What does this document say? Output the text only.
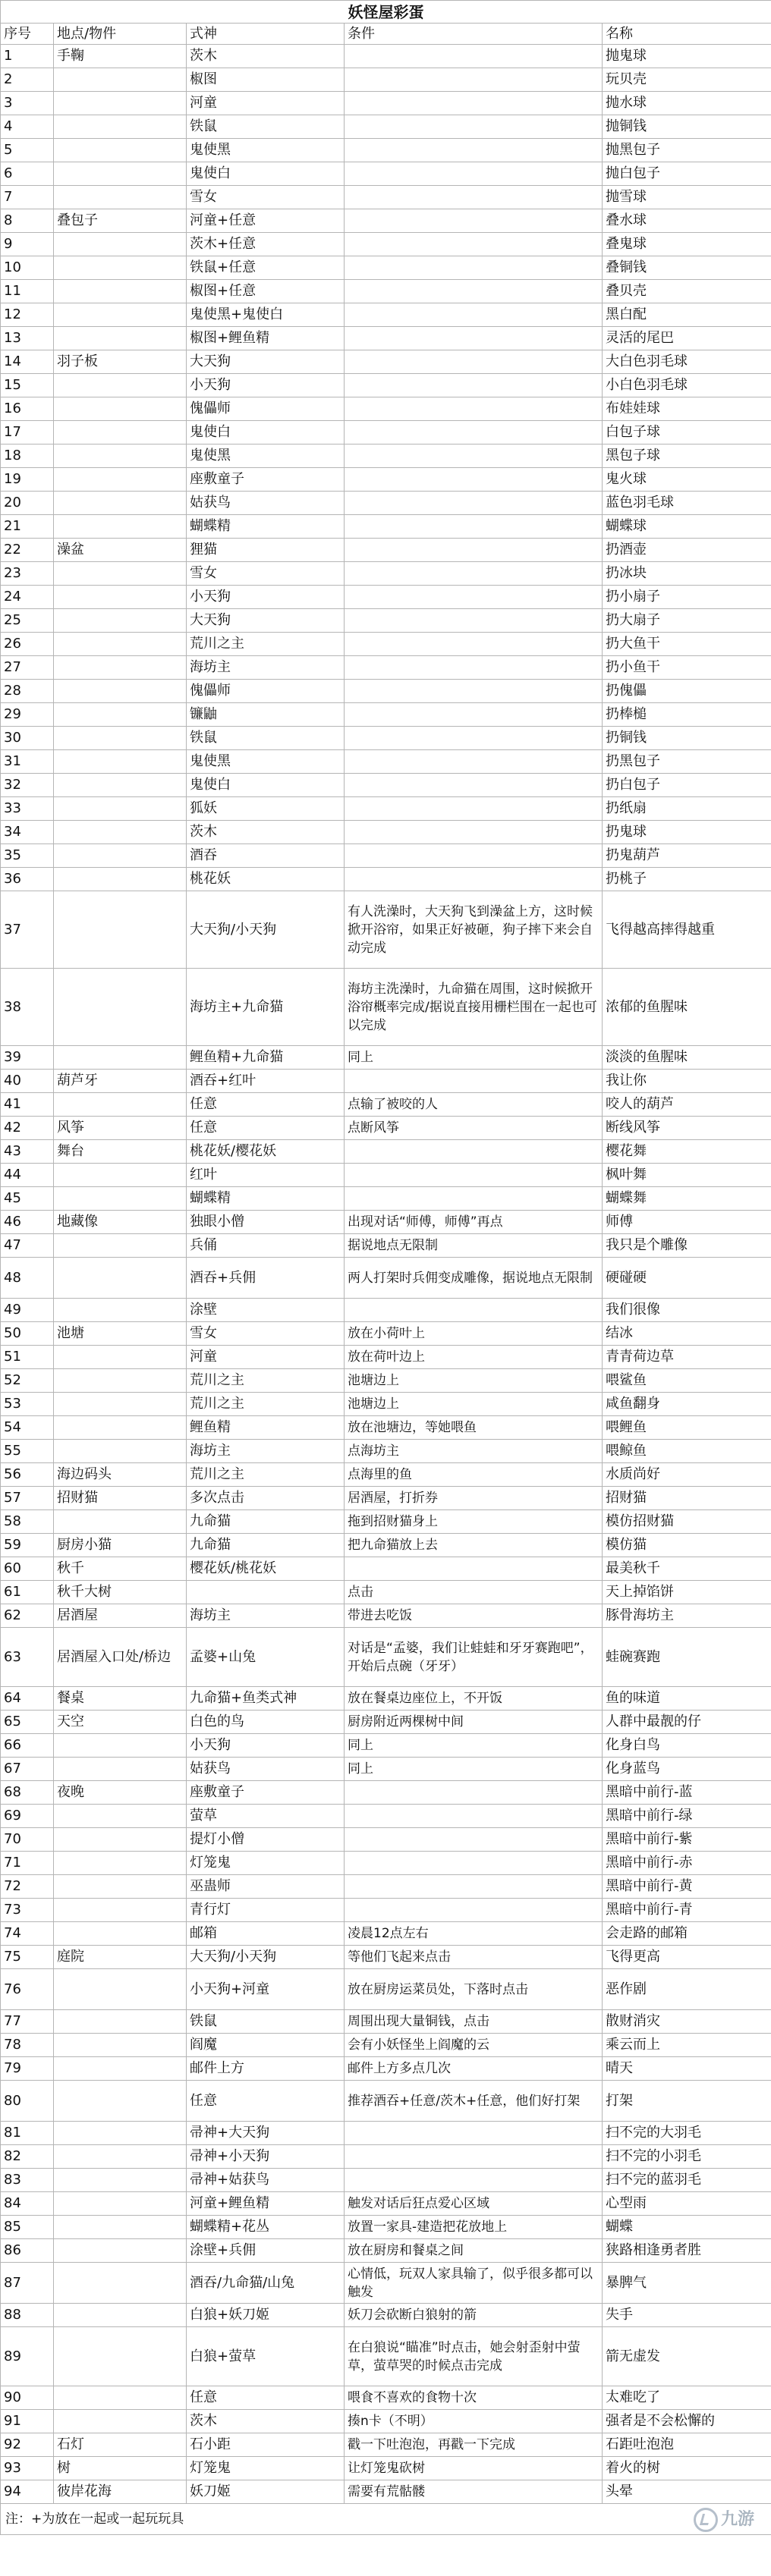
妖怪屋彩蛋				
序号	地点/物件	式神	条件	名称
1	手鞠	茨木		抛鬼球
2		椒图		玩贝壳
3		河童		抛水球
4		铁鼠		抛铜钱
5		鬼使黑		抛黑包子
6		鬼使白		抛白包子
7		雪女		抛雪球
8	叠包子	河童+任意		叠水球
9		茨木+任意		叠鬼球
10		铁鼠+任意		叠铜钱
11		椒图+任意		叠贝壳
12		鬼使黑+鬼使白		黑白配
13		椒图+鲤鱼精		灵活的尾巴
14	羽子板	大天狗		大白色羽毛球
15		小天狗		小白色羽毛球
16		傀儡师		布娃娃球
17		鬼使白		白包子球
18		鬼使黑		黑包子球
19		座敷童子		鬼火球
20		姑获鸟		蓝色羽毛球
21		蝴蝶精		蝴蝶球
22	澡盆	狸猫		扔酒壶
23		雪女		扔冰块
24		小天狗		扔小扇子
25		大天狗		扔大扇子
26		荒川之主		扔大鱼干
27		海坊主		扔小鱼干
28		傀儡师		扔傀儡
29		镰鼬		扔棒槌
30		铁鼠		扔铜钱
31		鬼使黑		扔黑包子
32		鬼使白		扔白包子
33		狐妖		扔纸扇
34		茨木		扔鬼球
35		酒吞		扔鬼葫芦
36		桃花妖		扔桃子
37		大天狗/小天狗	有人洗澡时，大天狗飞到澡盆上方，这时候掀开浴帘，如果正好被砸，狗子摔下来会自动完成	飞得越高摔得越重
38		海坊主+九命猫	海坊主洗澡时，九命猫在周围，这时候掀开浴帘概率完成/据说直接用栅栏围在一起也可以完成	浓郁的鱼腥味
39		鲤鱼精+九命猫	同上	淡淡的鱼腥味
40	葫芦牙	酒吞+红叶		我让你
41		任意	点输了被咬的人	咬人的葫芦
42	风筝	任意	点断风筝	断线风筝
43	舞台	桃花妖/樱花妖		樱花舞
44		红叶		枫叶舞
45		蝴蝶精		蝴蝶舞
46	地藏像	独眼小僧	出现对话“师傅，师傅”再点	师傅
47		兵俑	据说地点无限制	我只是个雕像
48		酒吞+兵佣	两人打架时兵佣变成雕像，据说地点无限制	硬碰硬
49		涂壁		我们很像
50	池塘	雪女	放在小荷叶上	结冰
51		河童	放在荷叶边上	青青荷边草
52		荒川之主	池塘边上	喂鲨鱼
53		荒川之主	池塘边上	咸鱼翻身
54		鲤鱼精	放在池塘边，等她喂鱼	喂鲤鱼
55		海坊主	点海坊主	喂鲸鱼
56	海边码头	荒川之主	点海里的鱼	水质尚好
57	招财猫	多次点击	居酒屋，打折券	招财猫
58		九命猫	拖到招财猫身上	模仿招财猫
59	厨房小猫	九命猫	把九命猫放上去	模仿猫
60	秋千	樱花妖/桃花妖		最美秋千
61	秋千大树		点击	天上掉馅饼
62	居酒屋	海坊主	带进去吃饭	豚骨海坊主
63	居酒屋入口处/桥边	孟婆+山兔	对话是“孟婆，我们让蛙蛙和牙牙赛跑吧”，开始后点碗（牙牙）	蛙碗赛跑
64	餐桌	九命猫+鱼类式神	放在餐桌边座位上，不开饭	鱼的味道
65	天空	白色的鸟	厨房附近两棵树中间	人群中最靓的仔
66		小天狗	同上	化身白鸟
67		姑获鸟	同上	化身蓝鸟
68	夜晚	座敷童子		黑暗中前行-蓝
69		萤草		黑暗中前行-绿
70		提灯小僧		黑暗中前行-紫
71		灯笼鬼		黑暗中前行-赤
72		巫蛊师		黑暗中前行-黄
73		青行灯		黑暗中前行-青
74		邮箱	凌晨12点左右	会走路的邮箱
75	庭院	大天狗/小天狗	等他们飞起来点击	飞得更高
76		小天狗+河童	放在厨房运菜员处，下落时点击	恶作剧
77		铁鼠	周围出现大量铜钱，点击	散财消灾
78		阎魔	会有小妖怪坐上阎魔的云	乘云而上
79		邮件上方	邮件上方多点几次	晴天
80		任意	推荐酒吞+任意/茨木+任意，他们好打架	打架
81		帚神+大天狗		扫不完的大羽毛
82		帚神+小天狗		扫不完的小羽毛
83		帚神+姑获鸟		扫不完的蓝羽毛
84		河童+鲤鱼精	触发对话后狂点爱心区域	心型雨
85		蝴蝶精+花丛	放置一家具-建造把花放地上	蝴蝶
86		涂壁+兵佣	放在厨房和餐桌之间	狭路相逢勇者胜
87		酒吞/九命猫/山兔	心情低，玩双人家具输了，似乎很多都可以触发	暴脾气
88		白狼+妖刀姬	妖刀会砍断白狼射的箭	失手
89		白狼+萤草	在白狼说“瞄准”时点击，她会射歪射中萤草，萤草哭的时候点击完成	箭无虚发
90		任意	喂食不喜欢的食物十次	太难吃了
91		茨木	揍n卡（不明）	强者是不会松懈的
92	石灯	石小距	戳一下吐泡泡，再戳一下完成	石距吐泡泡
93	树	灯笼鬼	让灯笼鬼砍树	着火的树
94	彼岸花海	妖刀姬	需要有荒骷髅	头晕
注：+为放在一起或一起玩玩具					九游
